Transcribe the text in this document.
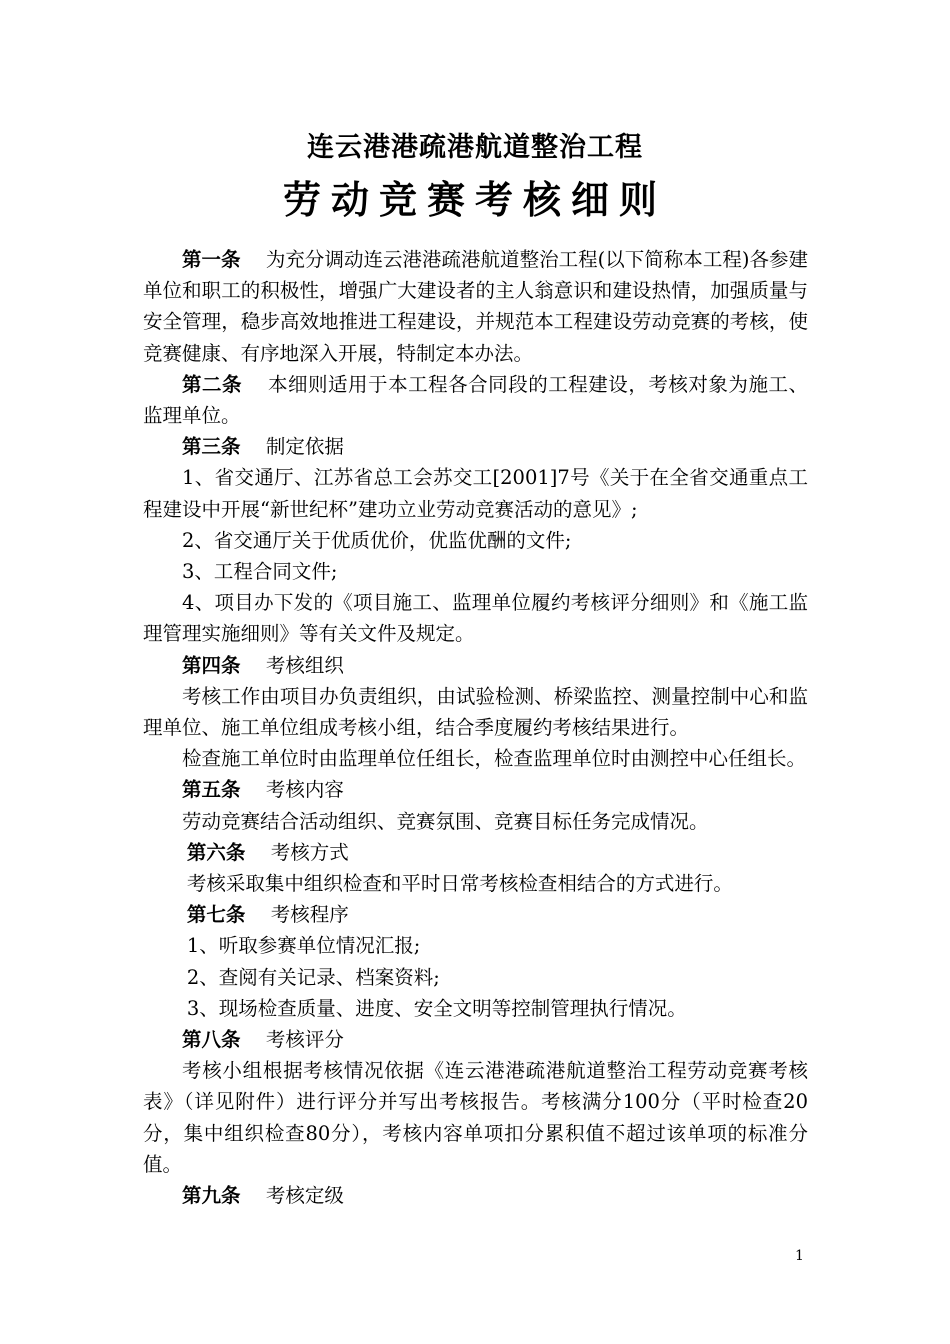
连云港港疏港航道整治工程
劳动竞赛考核细则

第一条 为充分调动连云港港疏港航道整治工程(以下简称本工程)各参建单位和职工的积极性，增强广大建设者的主人翁意识和建设热情，加强质量与安全管理，稳步高效地推进工程建设，并规范本工程建设劳动竞赛的考核，使竞赛健康、有序地深入开展，特制定本办法。

第二条 本细则适用于本工程各合同段的工程建设，考核对象为施工、监理单位。

第三条 制定依据

1、省交通厅、江苏省总工会苏交工[2001]7号《关于在全省交通重点工程建设中开展“新世纪杯”建功立业劳动竞赛活动的意见》;

2、省交通厅关于优质优价，优监优酬的文件;

3、工程合同文件;

4、项目办下发的《项目施工、监理单位履约考核评分细则》和《施工监理管理实施细则》等有关文件及规定。

第四条 考核组织

考核工作由项目办负责组织，由试验检测、桥梁监控、测量控制中心和监理单位、施工单位组成考核小组，结合季度履约考核结果进行。

检查施工单位时由监理单位任组长，检查监理单位时由测控中心任组长。

第五条 考核内容

劳动竞赛结合活动组织、竞赛氛围、竞赛目标任务完成情况。

第六条 考核方式

考核采取集中组织检查和平时日常考核检查相结合的方式进行。

第七条 考核程序

1、听取参赛单位情况汇报;

2、查阅有关记录、档案资料;

3、现场检查质量、进度、安全文明等控制管理执行情况。

第八条 考核评分

考核小组根据考核情况依据《连云港港疏港航道整治工程劳动竞赛考核表》（详见附件）进行评分并写出考核报告。考核满分100分（平时检查20分，集中组织检查80分），考核内容单项扣分累积值不超过该单项的标准分值。

第九条 考核定级

1
